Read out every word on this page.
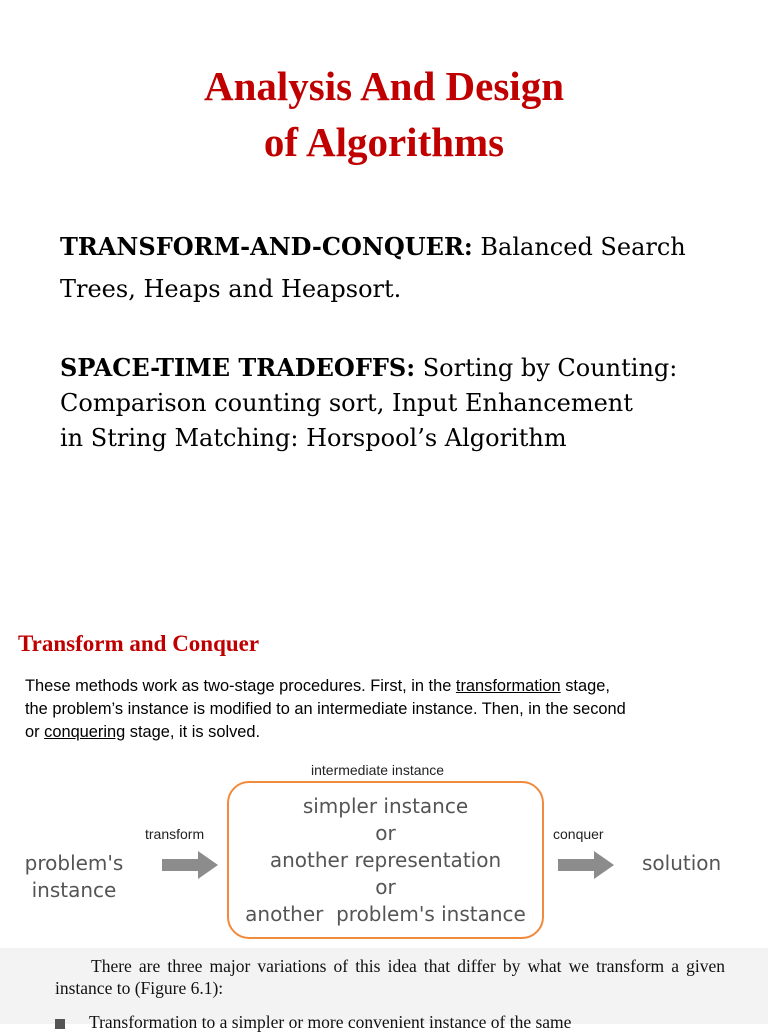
Analysis And Design
of Algorithms
TRANSFORM-AND-CONQUER: Balanced Search
Trees, Heaps and Heapsort.
SPACE-TIME TRADEOFFS: Sorting by Counting:
Comparison counting sort, Input Enhancement
in String Matching: Horspool’s Algorithm
Transform and Conquer
These methods work as two-stage procedures. First, in the transformation stage,
the problem’s instance is modified to an intermediate instance. Then, in the second
or conquering stage, it is solved.
intermediate instance
transform	conquer
problem's
instance
simpler instance
or
another representation
or
another  problem's instance
solution
There are three major variations of this idea that differ by what we transform a given instance to (Figure 6.1):
Transformation to a simpler or more convenient instance of the same
